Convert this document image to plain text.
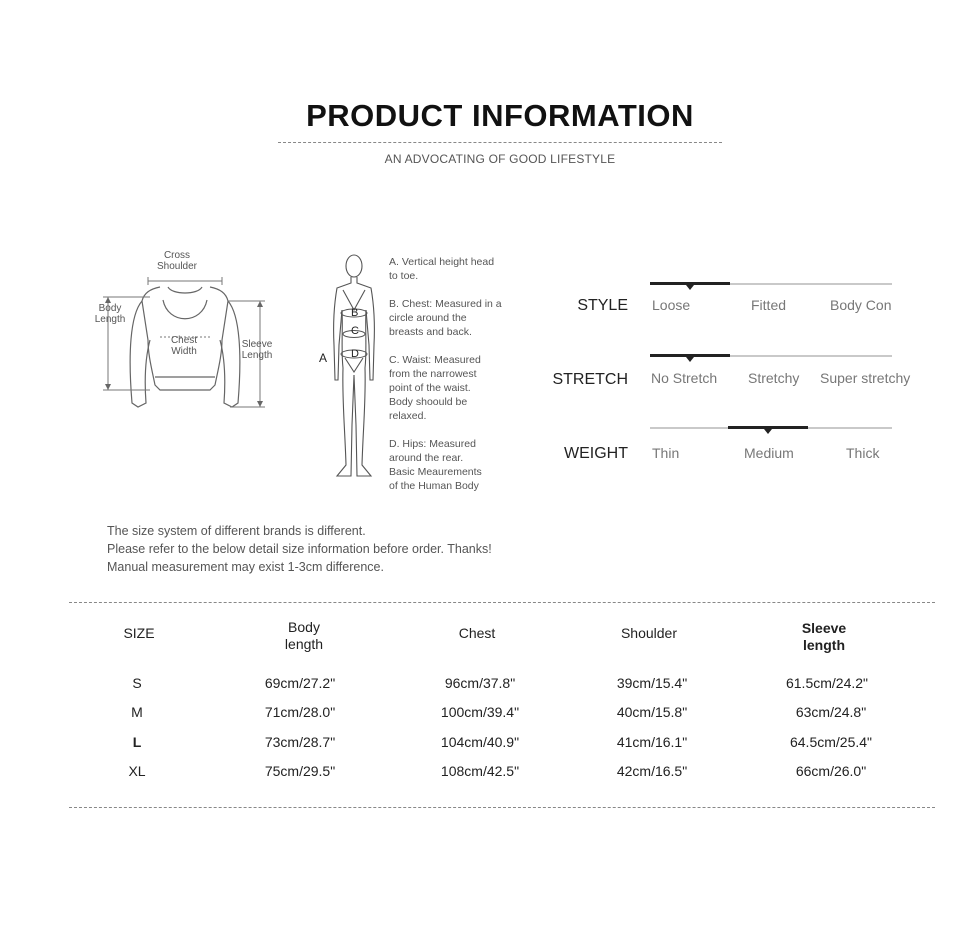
PRODUCT INFORMATION
AN ADVOCATING OF GOOD LIFESTYLE
Cross
Shoulder
Body
Length
Chest
Width
Sleeve
Length	A
B
C
D
A. Vertical height head
to toe.
B. Chest: Measured in a
circle around the
breasts and back.
C. Waist: Measured
from the narrowest
point of the waist.
Body shoould be
relaxed.
D. Hips: Measured
around the rear.
Basic Meaurements
of the Human Body
STYLE Loose	Fitted	Body Con
STRETCH No Stretch Stretchy Super stretchy
WEIGHT Thin	Medium	Thick
The size system of different brands is different.
Please refer to the below detail size information before order. Thanks!
Manual measurement may exist 1-3cm difference.
SIZE	Body
length
Chest	Shoulder	Sleeve
length
S	69cm/27.2"	96cm/37.8"	39cm/15.4"	61.5cm/24.2"
M	71cm/28.0"	100cm/39.4"	40cm/15.8"	63cm/24.8"
L	73cm/28.7"	104cm/40.9"	41cm/16.1"	64.5cm/25.4"
XL	75cm/29.5"	108cm/42.5"	42cm/16.5"	66cm/26.0"
